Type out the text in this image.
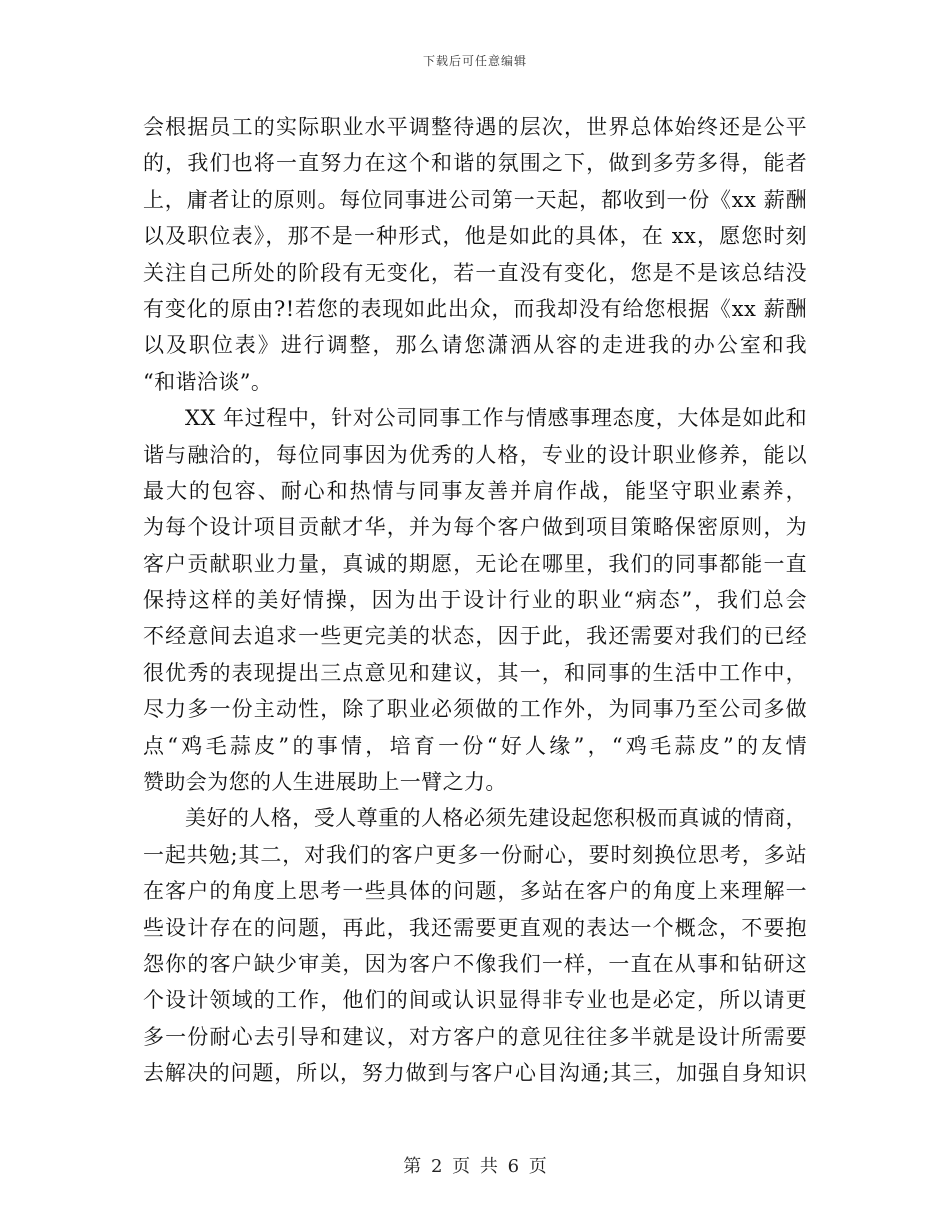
下载后可任意编辑
会根据员工的实际职业水平调整待遇的层次，世界总体始终还是公平
的，我们也将一直努力在这个和谐的氛围之下，做到多劳多得，能者
上，庸者让的原则。每位同事进公司第一天起，都收到一份《xx 薪酬
以及职位表》，那不是一种形式，他是如此的具体，在 xx，愿您时刻
关注自己所处的阶段有无变化，若一直没有变化，您是不是该总结没
有变化的原由?!若您的表现如此出众，而我却没有给您根据《xx 薪酬
以及职位表》进行调整，那么请您潇洒从容的走进我的办公室和我
“和谐洽谈”。
XX 年过程中，针对公司同事工作与情感事理态度，大体是如此和
谐与融洽的，每位同事因为优秀的人格，专业的设计职业修养，能以
最大的包容、耐心和热情与同事友善并肩作战，能坚守职业素养，
为每个设计项目贡献才华，并为每个客户做到项目策略保密原则，为
客户贡献职业力量，真诚的期愿，无论在哪里，我们的同事都能一直
保持这样的美好情操，因为出于设计行业的职业“病态”，我们总会
不经意间去追求一些更完美的状态，因于此，我还需要对我们的已经
很优秀的表现提出三点意见和建议，其一，和同事的生活中工作中，
尽力多一份主动性，除了职业必须做的工作外，为同事乃至公司多做
点“鸡毛蒜皮”的事情，培育一份“好人缘”，“鸡毛蒜皮”的友情
赞助会为您的人生进展助上一臂之力。
美好的人格，受人尊重的人格必须先建设起您积极而真诚的情商，
一起共勉;其二，对我们的客户更多一份耐心，要时刻换位思考，多站
在客户的角度上思考一些具体的问题，多站在客户的角度上来理解一
些设计存在的问题，再此，我还需要更直观的表达一个概念，不要抱
怨你的客户缺少审美，因为客户不像我们一样，一直在从事和钻研这
个设计领域的工作，他们的间或认识显得非专业也是必定，所以请更
多一份耐心去引导和建议，对方客户的意见往往多半就是设计所需要
去解决的问题，所以，努力做到与客户心目沟通;其三，加强自身知识
第 2 页 共 6 页
